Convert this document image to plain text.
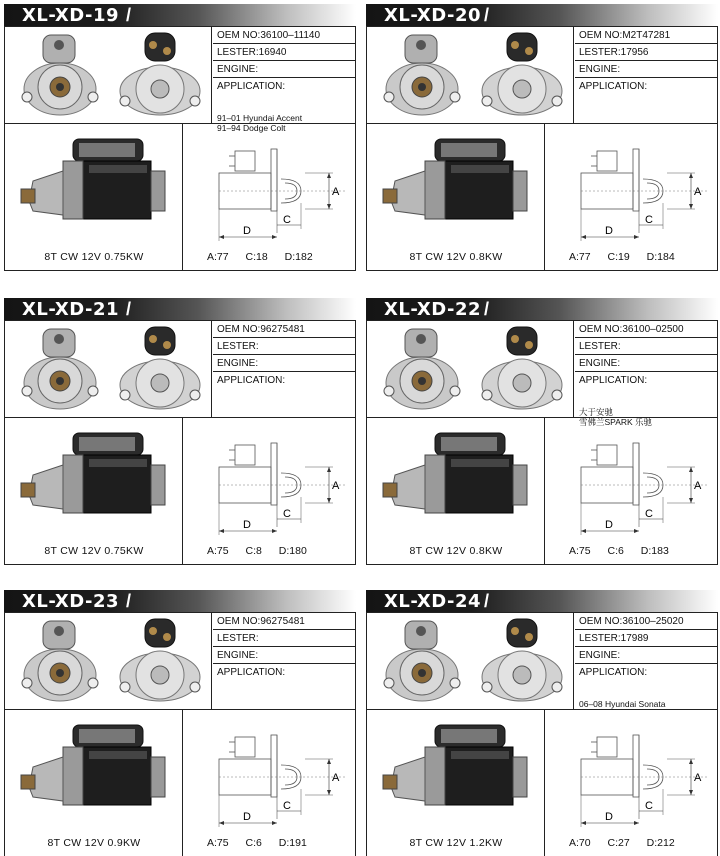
XL-XD-19 /
OEM NO:36100–11140
LESTER:16940
ENGINE:
APPLICATION:
91–01 Hyundai Accent
91–94 Dodge Colt
A
C
D
8T CW 12V 0.75KW	A:77 C:18 D:182
XL-XD-20 /
OEM NO:M2T47281
LESTER:17956
ENGINE:
APPLICATION:
A
C
D
8T CW 12V 0.8KW	A:77 C:19 D:184
XL-XD-21 /
OEM NO:96275481
LESTER:
ENGINE:
APPLICATION:
A
C
D
8T CW 12V 0.75KW	A:75 C:8 D:180
XL-XD-22 /
OEM NO:36100–02500
LESTER:
ENGINE:
APPLICATION:
大于安驰
雪佛兰SPARK 乐驰
A
C
D
8T CW 12V 0.8KW	A:75 C:6 D:183
XL-XD-23 /
OEM NO:96275481
LESTER:
ENGINE:
APPLICATION:
A
C
D
8T CW 12V 0.9KW	A:75 C:6 D:191
XL-XD-24 /
OEM NO:36100–25020
LESTER:17989
ENGINE:
APPLICATION:
06–08 Hyundai Sonata
A
C
D
8T CW 12V 1.2KW	A:70 C:27 D:212
